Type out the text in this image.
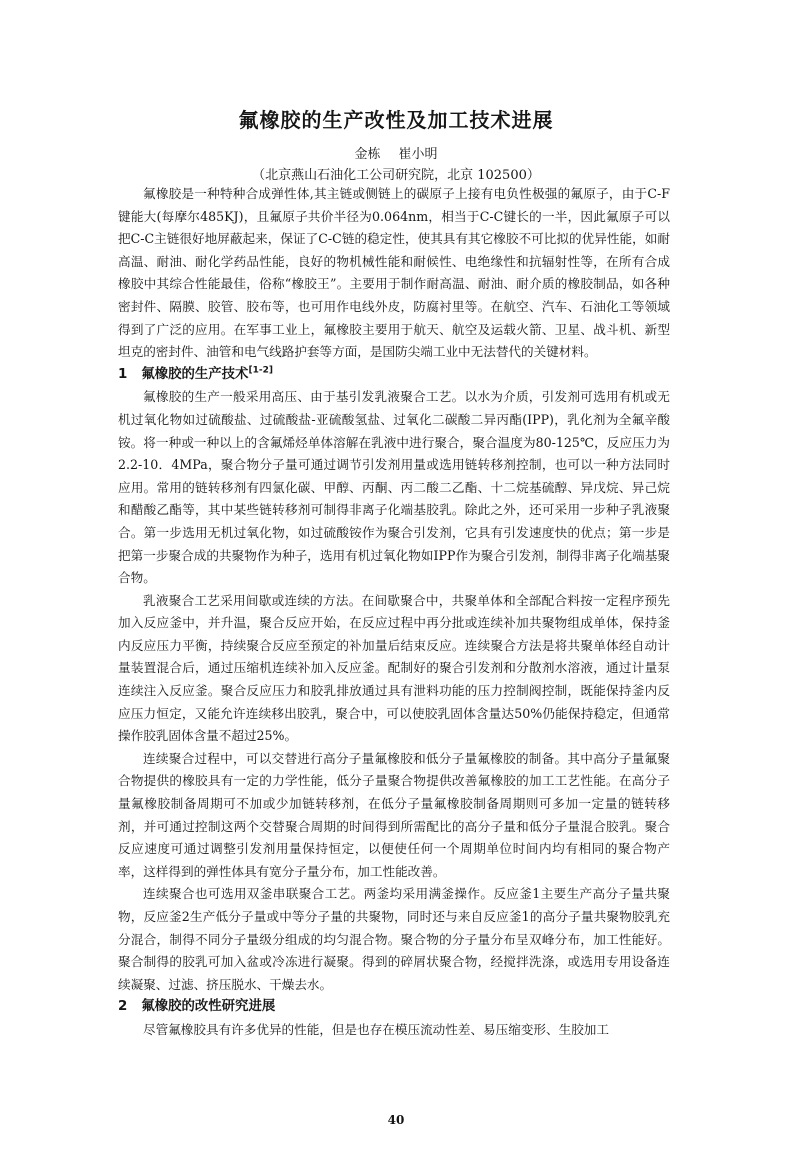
氟橡胶的生产改性及加工技术进展
金栋 崔小明
（北京燕山石油化工公司研究院，北京 102500）

氟橡胶是一种特种合成弹性体,其主链或侧链上的碳原子上接有电负性极强的氟原子，由于C-F键能大(每摩尔485KJ)，且氟原子共价半径为0.064nm，相当于C-C键长的一半，因此氟原子可以把C-C主链很好地屏蔽起来，保证了C-C链的稳定性，使其具有其它橡胶不可比拟的优异性能，如耐高温、耐油、耐化学药品性能，良好的物机械性能和耐候性、电绝缘性和抗辐射性等，在所有合成橡胶中其综合性能最佳，俗称“橡胶王”。主要用于制作耐高温、耐油、耐介质的橡胶制品，如各种密封件、隔膜、胶管、胶布等，也可用作电线外皮，防腐衬里等。在航空、汽车、石油化工等领域得到了广泛的应用。在军事工业上，氟橡胶主要用于航天、航空及运载火箭、卫星、战斗机、新型坦克的密封件、油管和电气线路护套等方面，是国防尖端工业中无法替代的关键材料。

1 氟橡胶的生产技术[1-2]

氟橡胶的生产一般采用高压、由于基引发乳液聚合工艺。以水为介质，引发剂可选用有机或无机过氧化物如过硫酸盐、过硫酸盐-亚硫酸氢盐、过氧化二碳酸二异丙酯(IPP)，乳化剂为全氟辛酸铵。将一种或一种以上的含氟烯烃单体溶解在乳液中进行聚合，聚合温度为80-125℃，反应压力为2.2-10．4MPa，聚合物分子量可通过调节引发剂用量或选用链转移剂控制，也可以一种方法同时应用。常用的链转移剂有四氯化碳、甲醇、丙酮、丙二酸二乙酯、十二烷基硫醇、异戊烷、异己烷和醋酸乙酯等，其中某些链转移剂可制得非离子化端基胶乳。除此之外，还可采用一步种子乳液聚合。第一步选用无机过氧化物，如过硫酸铵作为聚合引发剂，它具有引发速度快的优点；第一步是把第一步聚合成的共聚物作为种子，选用有机过氧化物如IPP作为聚合引发剂，制得非离子化端基聚合物。

乳液聚合工艺采用间歇或连续的方法。在间歇聚合中，共聚单体和全部配合料按一定程序预先加入反应釜中，并升温，聚合反应开始，在反应过程中再分批或连续补加共聚物组成单体，保持釜内反应压力平衡，持续聚合反应至预定的补加量后结束反应。连续聚合方法是将共聚单体经自动计量装置混合后，通过压缩机连续补加入反应釜。配制好的聚合引发剂和分散剂水溶液，通过计量泵连续注入反应釜。聚合反应压力和胶乳排放通过具有泄料功能的压力控制阀控制，既能保持釜内反应压力恒定，又能允许连续移出胶乳，聚合中，可以使胶乳固体含量达50%仍能保持稳定，但通常操作胶乳固体含量不超过25%。

连续聚合过程中，可以交替进行高分子量氟橡胶和低分子量氟橡胶的制备。其中高分子量氟聚合物提供的橡胶具有一定的力学性能，低分子量聚合物提供改善氟橡胶的加工工艺性能。在高分子量氟橡胶制备周期可不加或少加链转移剂，在低分子量氟橡胶制备周期则可多加一定量的链转移剂，并可通过控制这两个交替聚合周期的时间得到所需配比的高分子量和低分子量混合胶乳。聚合反应速度可通过调整引发剂用量保持恒定，以便使任何一个周期单位时间内均有相同的聚合物产率，这样得到的弹性体具有宽分子量分布，加工性能改善。

连续聚合也可选用双釜串联聚合工艺。两釜均采用满釜操作。反应釜1主要生产高分子量共聚物，反应釜2生产低分子量或中等分子量的共聚物，同时还与来自反应釜1的高分子量共聚物胶乳充分混合，制得不同分子量级分组成的均匀混合物。聚合物的分子量分布呈双峰分布，加工性能好。聚合制得的胶乳可加入盆或冷冻进行凝聚。得到的碎屑状聚合物，经搅拌洗涤，或选用专用设备连续凝聚、过滤、挤压脱水、干燥去水。

2 氟橡胶的改性研究进展

尽管氟橡胶具有许多优异的性能，但是也存在模压流动性差、易压缩变形、生胶加工

40
